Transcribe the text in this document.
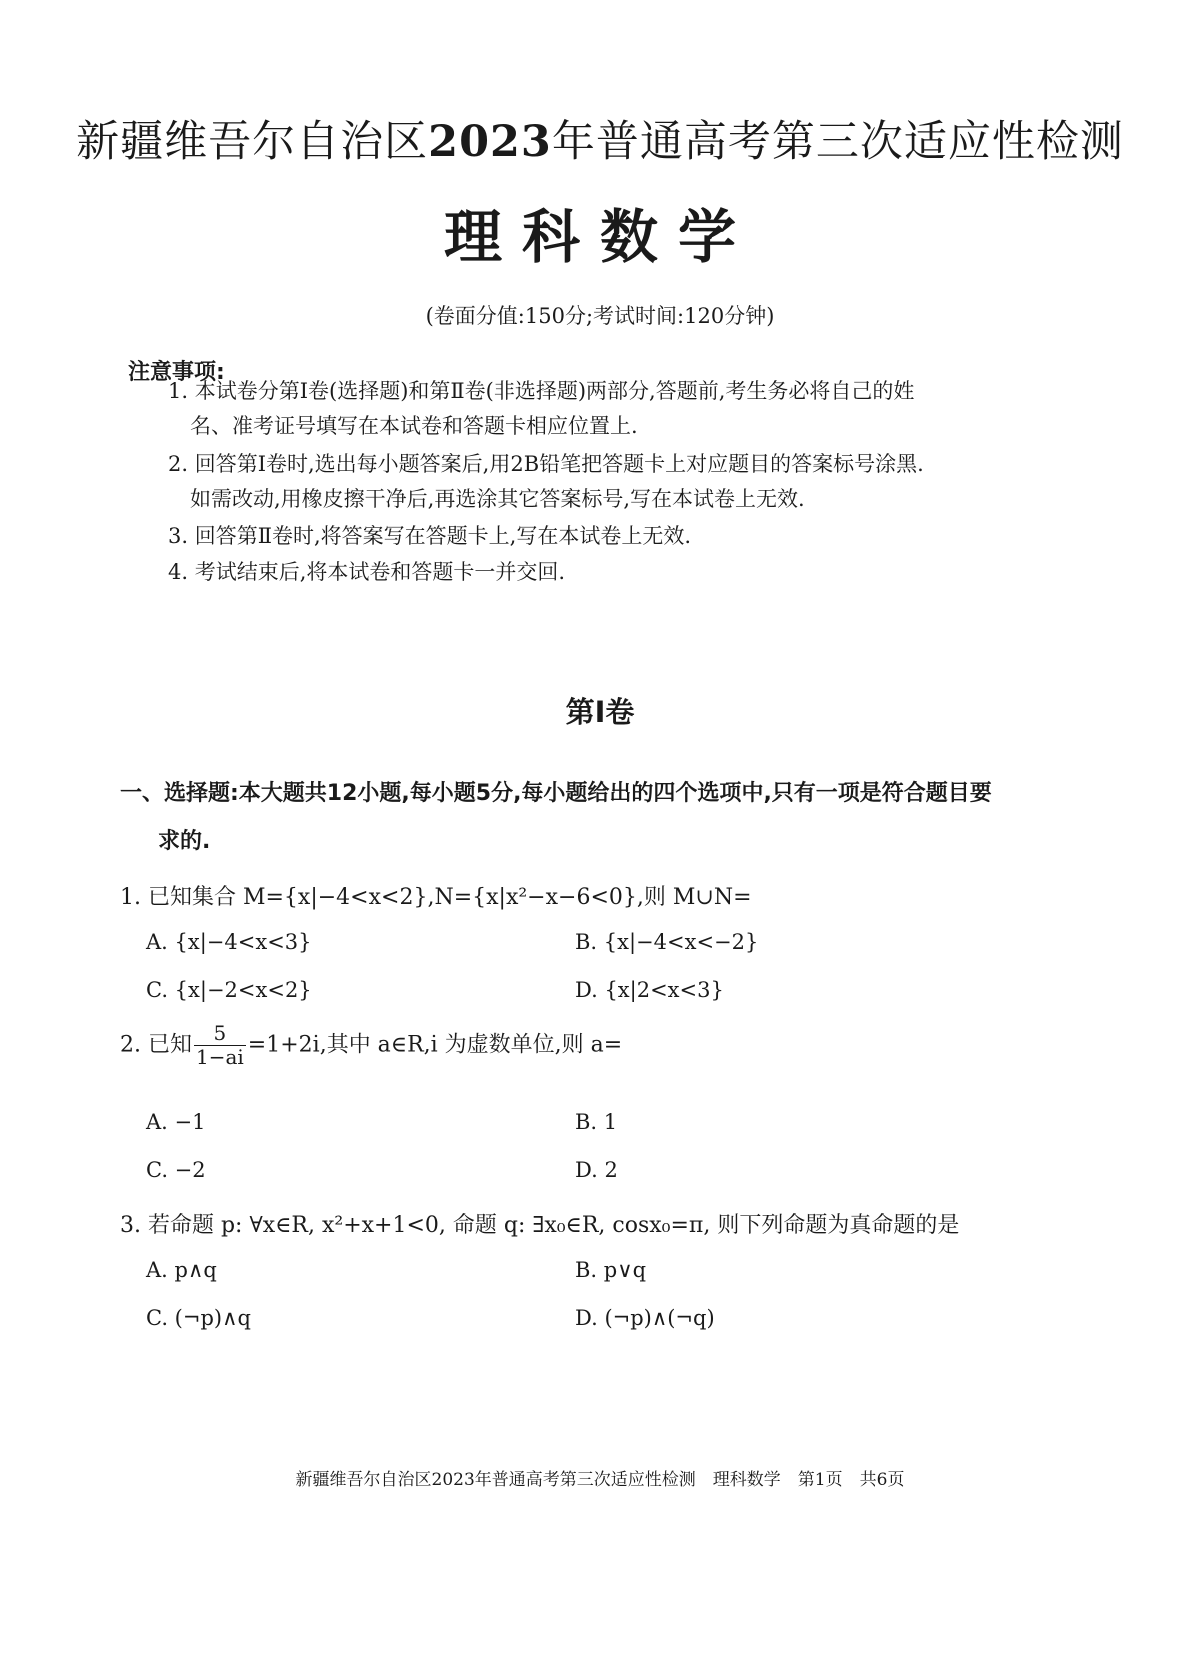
新疆维吾尔自治区2023年普通高考第三次适应性检测
理科数学
(卷面分值:150分;考试时间:120分钟)
注意事项:
1. 本试卷分第Ⅰ卷(选择题)和第Ⅱ卷(非选择题)两部分,答题前,考生务必将自己的姓
名、准考证号填写在本试卷和答题卡相应位置上.
2. 回答第Ⅰ卷时,选出每小题答案后,用2B铅笔把答题卡上对应题目的答案标号涂黑.
如需改动,用橡皮擦干净后,再选涂其它答案标号,写在本试卷上无效.
3. 回答第Ⅱ卷时,将答案写在答题卡上,写在本试卷上无效.
4. 考试结束后,将本试卷和答题卡一并交回.
第Ⅰ卷
一、选择题:本大题共12小题,每小题5分,每小题给出的四个选项中,只有一项是符合题目要
求的.
1. 已知集合 M={x|−4<x<2},N={x|x²−x−6<0},则 M∪N=
A. {x|−4<x<3}	B. {x|−4<x<−2}
C. {x|−2<x<2}	D. {x|2<x<3}
2. 已知 $\frac{5}{1-ai} =1+2i$,其中 a∈R,i 为虚数单位,则 a=
A. −1	B. 1
C. −2	D. 2
3. 若命题 p: ∀x∈R, x²+x+1<0, 命题 q: ∃x₀∈R, cosx₀=π, 则下列命题为真命题的是
A. p∧q	B. p∨q
C. (¬p)∧q	D. (¬p)∧(¬q)
新疆维吾尔自治区2023年普通高考第三次适应性检测　理科数学　第1页　共6页
